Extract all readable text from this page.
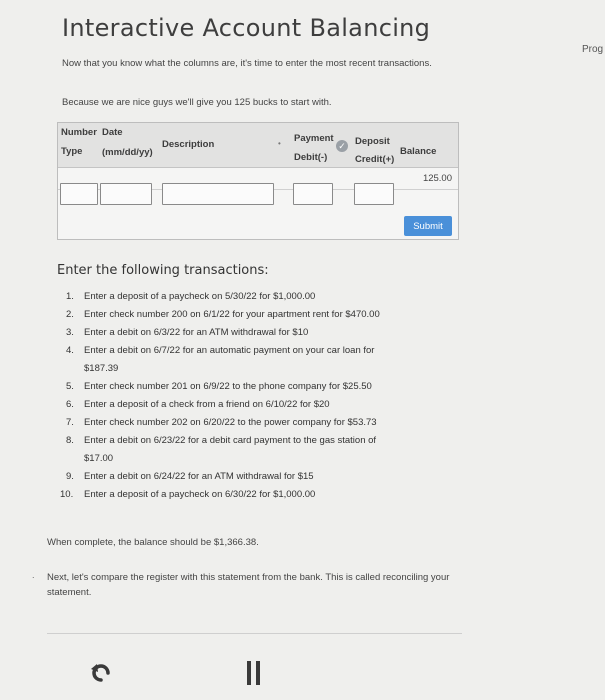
Interactive Account Balancing
Prog
Now that you know what the columns are, it's time to enter the most recent transactions.
Because we are nice guys we'll give you 125 bucks to start with.
Number Date
Type (mm/dd/yy)
Description	• Payment
Debit(-)
✓ Deposit
Credit(+)
Balance
125.00
Submit
Enter the following transactions:
1. Enter a deposit of a paycheck on 5/30/22 for $1,000.00
2. Enter check number 200 on 6/1/22 for your apartment rent for $470.00
3. Enter a debit on 6/3/22 for an ATM withdrawal for $10
4. Enter a debit on 6/7/22 for an automatic payment on your car loan for
$187.39
5. Enter check number 201 on 6/9/22 to the phone company for $25.50
6. Enter a deposit of a check from a friend on 6/10/22 for $20
7. Enter check number 202 on 6/20/22 to the power company for $53.73
8. Enter a debit on 6/23/22 for a debit card payment to the gas station of
$17.00
9. Enter a debit on 6/24/22 for an ATM withdrawal for $15
10. Enter a deposit of a paycheck on 6/30/22 for $1,000.00
When complete, the balance should be $1,366.38.
. Next, let's compare the register with this statement from the bank. This is called reconciling your statement.
